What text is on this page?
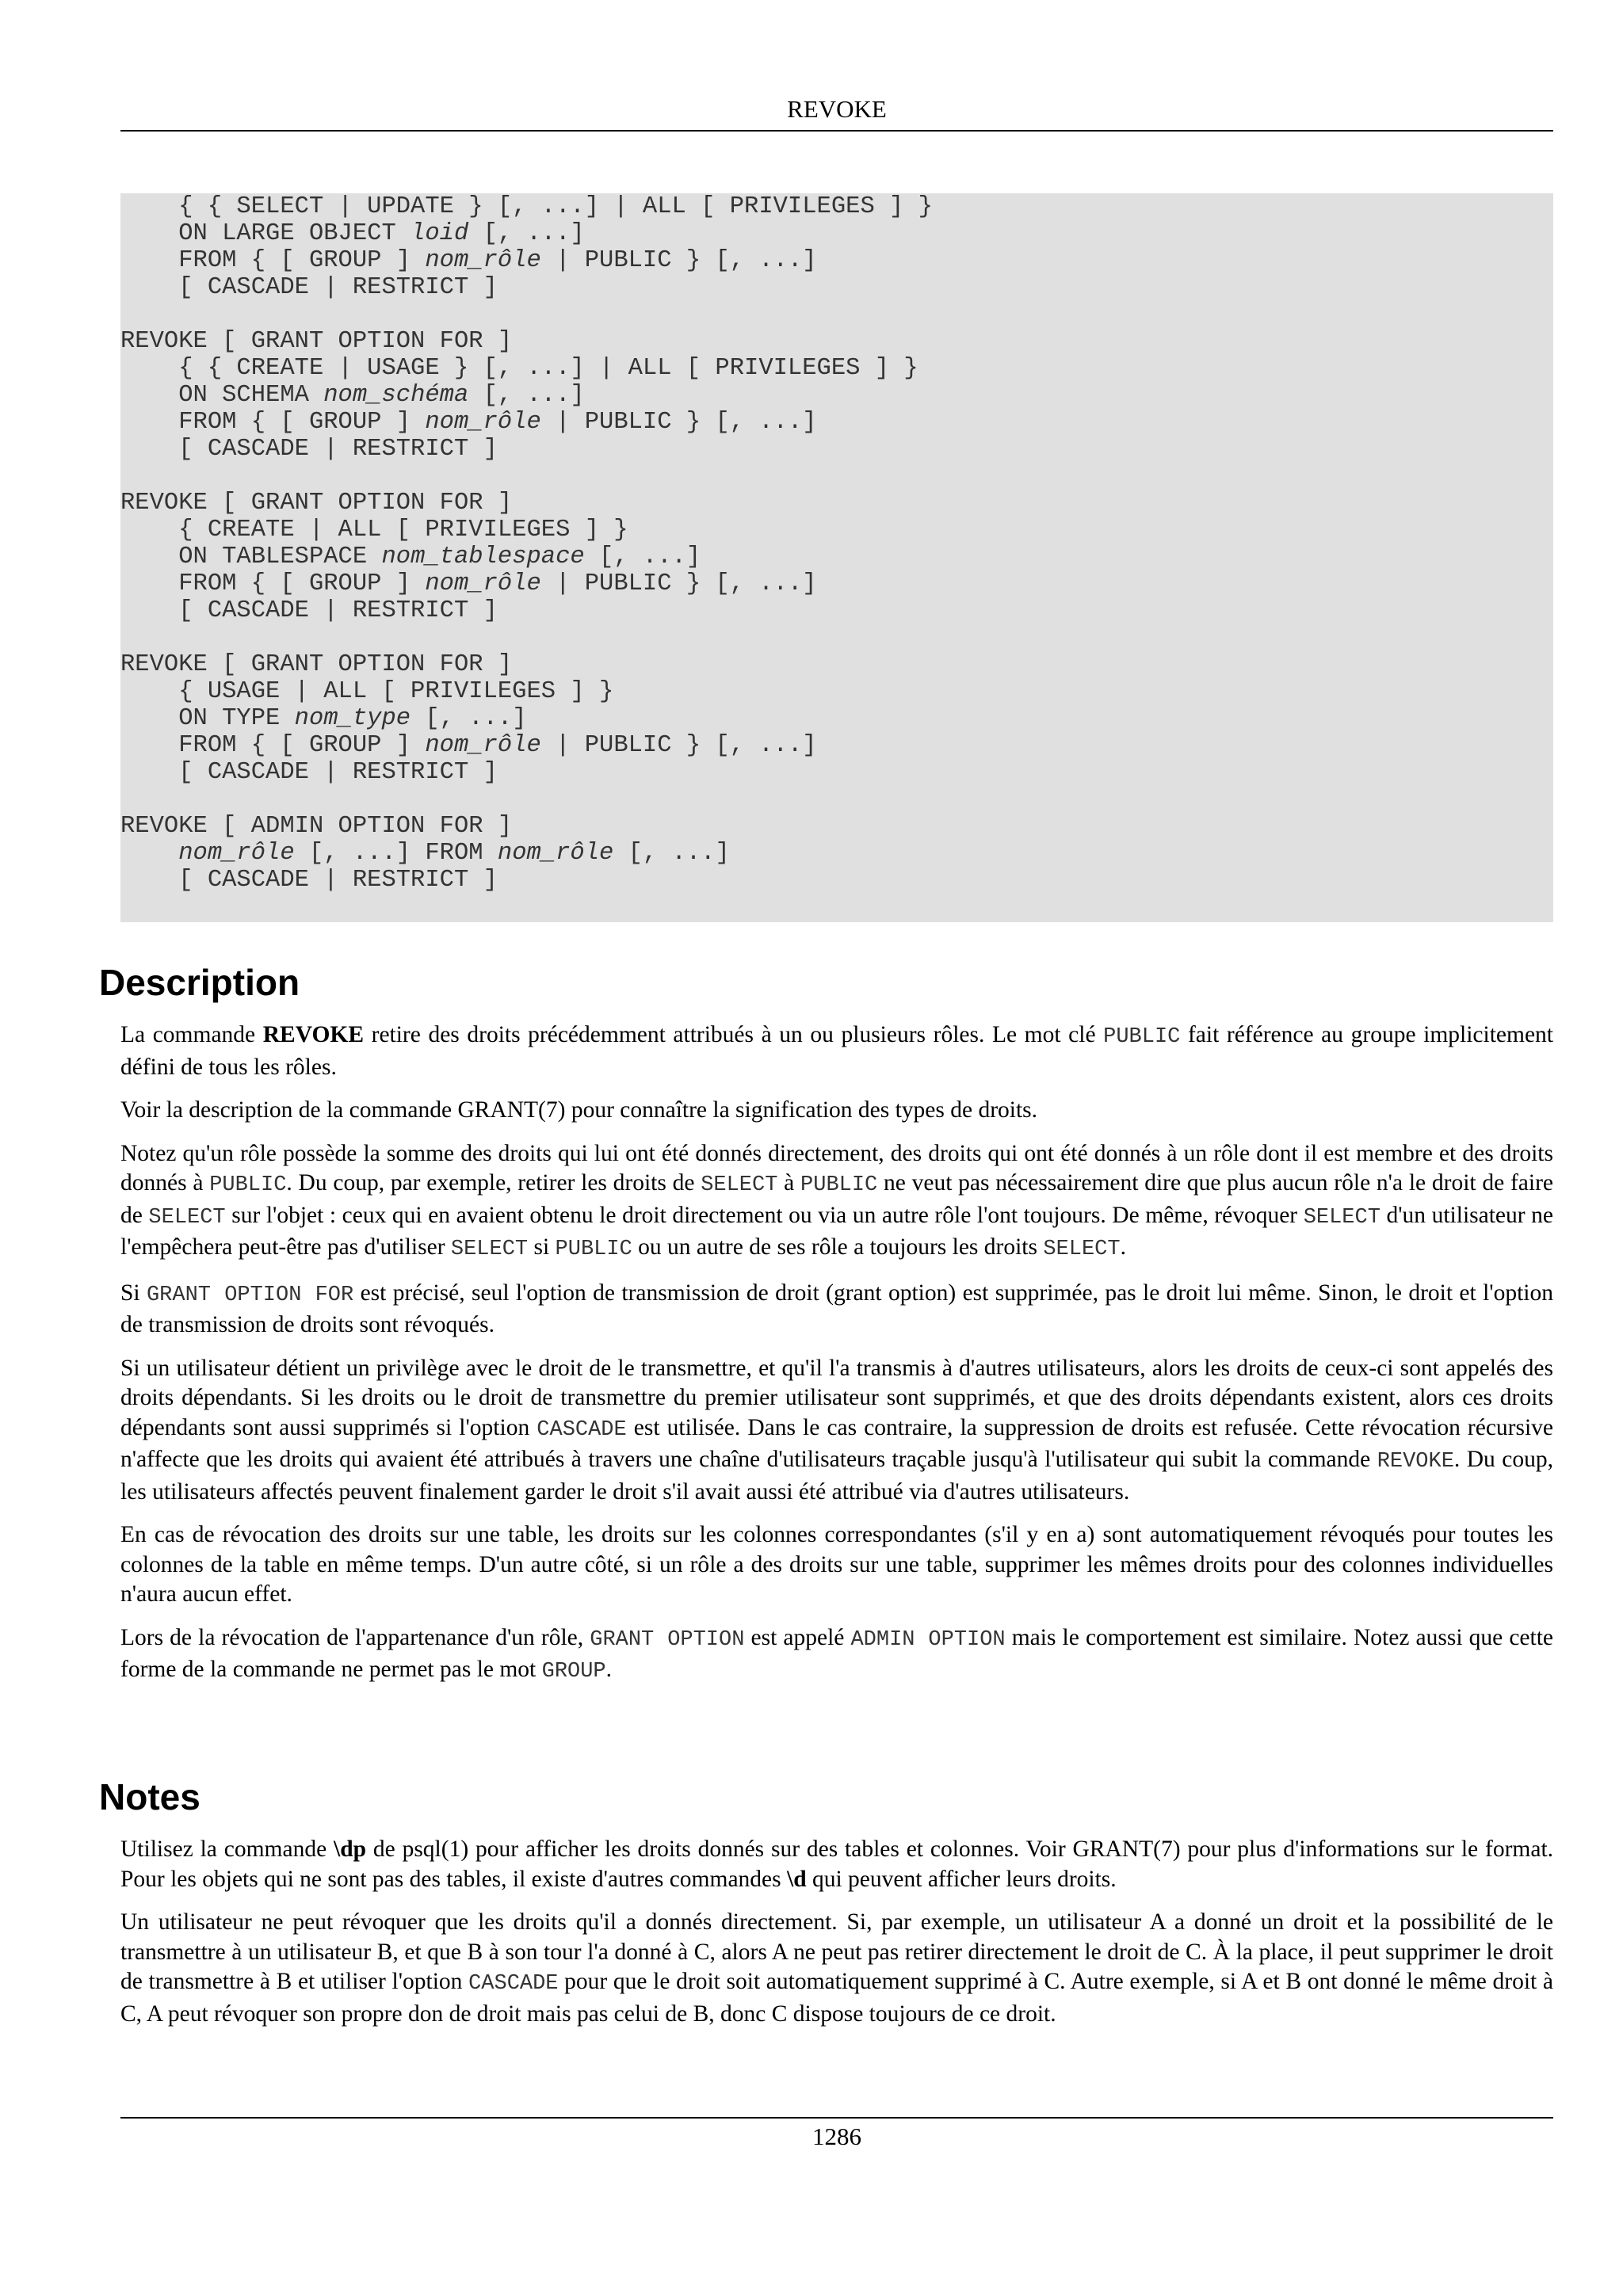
REVOKE
{ { SELECT | UPDATE } [, ...] | ALL [ PRIVILEGES ] }
ON LARGE OBJECT loid [, ...]
FROM { [ GROUP ] nom_rôle | PUBLIC } [, ...]
[ CASCADE | RESTRICT ]
REVOKE [ GRANT OPTION FOR ]
{ { CREATE | USAGE } [, ...] | ALL [ PRIVILEGES ] }
ON SCHEMA nom_schéma [, ...]
FROM { [ GROUP ] nom_rôle | PUBLIC } [, ...]
[ CASCADE | RESTRICT ]
REVOKE [ GRANT OPTION FOR ]
{ CREATE | ALL [ PRIVILEGES ] }
ON TABLESPACE nom_tablespace [, ...]
FROM { [ GROUP ] nom_rôle | PUBLIC } [, ...]
[ CASCADE | RESTRICT ]
REVOKE [ GRANT OPTION FOR ]
{ USAGE | ALL [ PRIVILEGES ] }
ON TYPE nom_type [, ...]
FROM { [ GROUP ] nom_rôle | PUBLIC } [, ...]
[ CASCADE | RESTRICT ]
REVOKE [ ADMIN OPTION FOR ]
nom_rôle [, ...] FROM nom_rôle [, ...]
[ CASCADE | RESTRICT ]
Description

La commande REVOKE retire des droits précédemment attribués à un ou plusieurs rôles. Le mot clé PUBLIC fait référence au groupe implicitement défini de tous les rôles.

Voir la description de la commande GRANT(7) pour connaître la signification des types de droits.

Notez qu'un rôle possède la somme des droits qui lui ont été donnés directement, des droits qui ont été donnés à un rôle dont il est membre et des droits donnés à PUBLIC. Du coup, par exemple, retirer les droits de SELECT à PUBLIC ne veut pas nécessairement dire que plus aucun rôle n'a le droit de faire de SELECT sur l'objet : ceux qui en avaient obtenu le droit directement ou via un autre rôle l'ont toujours. De même, révoquer SELECT d'un utilisateur ne l'empêchera peut-être pas d'utiliser SELECT si PUBLIC ou un autre de ses rôle a toujours les droits SELECT.

Si GRANT OPTION FOR est précisé, seul l'option de transmission de droit (grant option) est supprimée, pas le droit lui même. Sinon, le droit et l'option de transmission de droits sont révoqués.

Si un utilisateur détient un privilège avec le droit de le transmettre, et qu'il l'a transmis à d'autres utilisateurs, alors les droits de ceux-ci sont appelés des droits dépendants. Si les droits ou le droit de transmettre du premier utilisateur sont supprimés, et que des droits dépendants existent, alors ces droits dépendants sont aussi supprimés si l'option CASCADE est utilisée. Dans le cas contraire, la suppression de droits est refusée. Cette révocation récursive n'affecte que les droits qui avaient été attribués à travers une chaîne d'utilisateurs traçable jusqu'à l'utilisateur qui subit la commande REVOKE. Du coup, les utilisateurs affectés peuvent finalement garder le droit s'il avait aussi été attribué via d'autres utilisateurs.

En cas de révocation des droits sur une table, les droits sur les colonnes correspondantes (s'il y en a) sont automatiquement révoqués pour toutes les colonnes de la table en même temps. D'un autre côté, si un rôle a des droits sur une table, supprimer les mêmes droits pour des colonnes individuelles n'aura aucun effet.

Lors de la révocation de l'appartenance d'un rôle, GRANT OPTION est appelé ADMIN OPTION mais le comportement est similaire. Notez aussi que cette forme de la commande ne permet pas le mot GROUP.

Notes

Utilisez la commande \dp de psql(1) pour afficher les droits donnés sur des tables et colonnes. Voir GRANT(7) pour plus d'informations sur le format. Pour les objets qui ne sont pas des tables, il existe d'autres commandes \d qui peuvent afficher leurs droits.

Un utilisateur ne peut révoquer que les droits qu'il a donnés directement. Si, par exemple, un utilisateur A a donné un droit et la possibilité de le transmettre à un utilisateur B, et que B à son tour l'a donné à C, alors A ne peut pas retirer directement le droit de C. À la place, il peut supprimer le droit de transmettre à B et utiliser l'option CASCADE pour que le droit soit automatiquement supprimé à C. Autre exemple, si A et B ont donné le même droit à C, A peut révoquer son propre don de droit mais pas celui de B, donc C dispose toujours de ce droit.

1286
